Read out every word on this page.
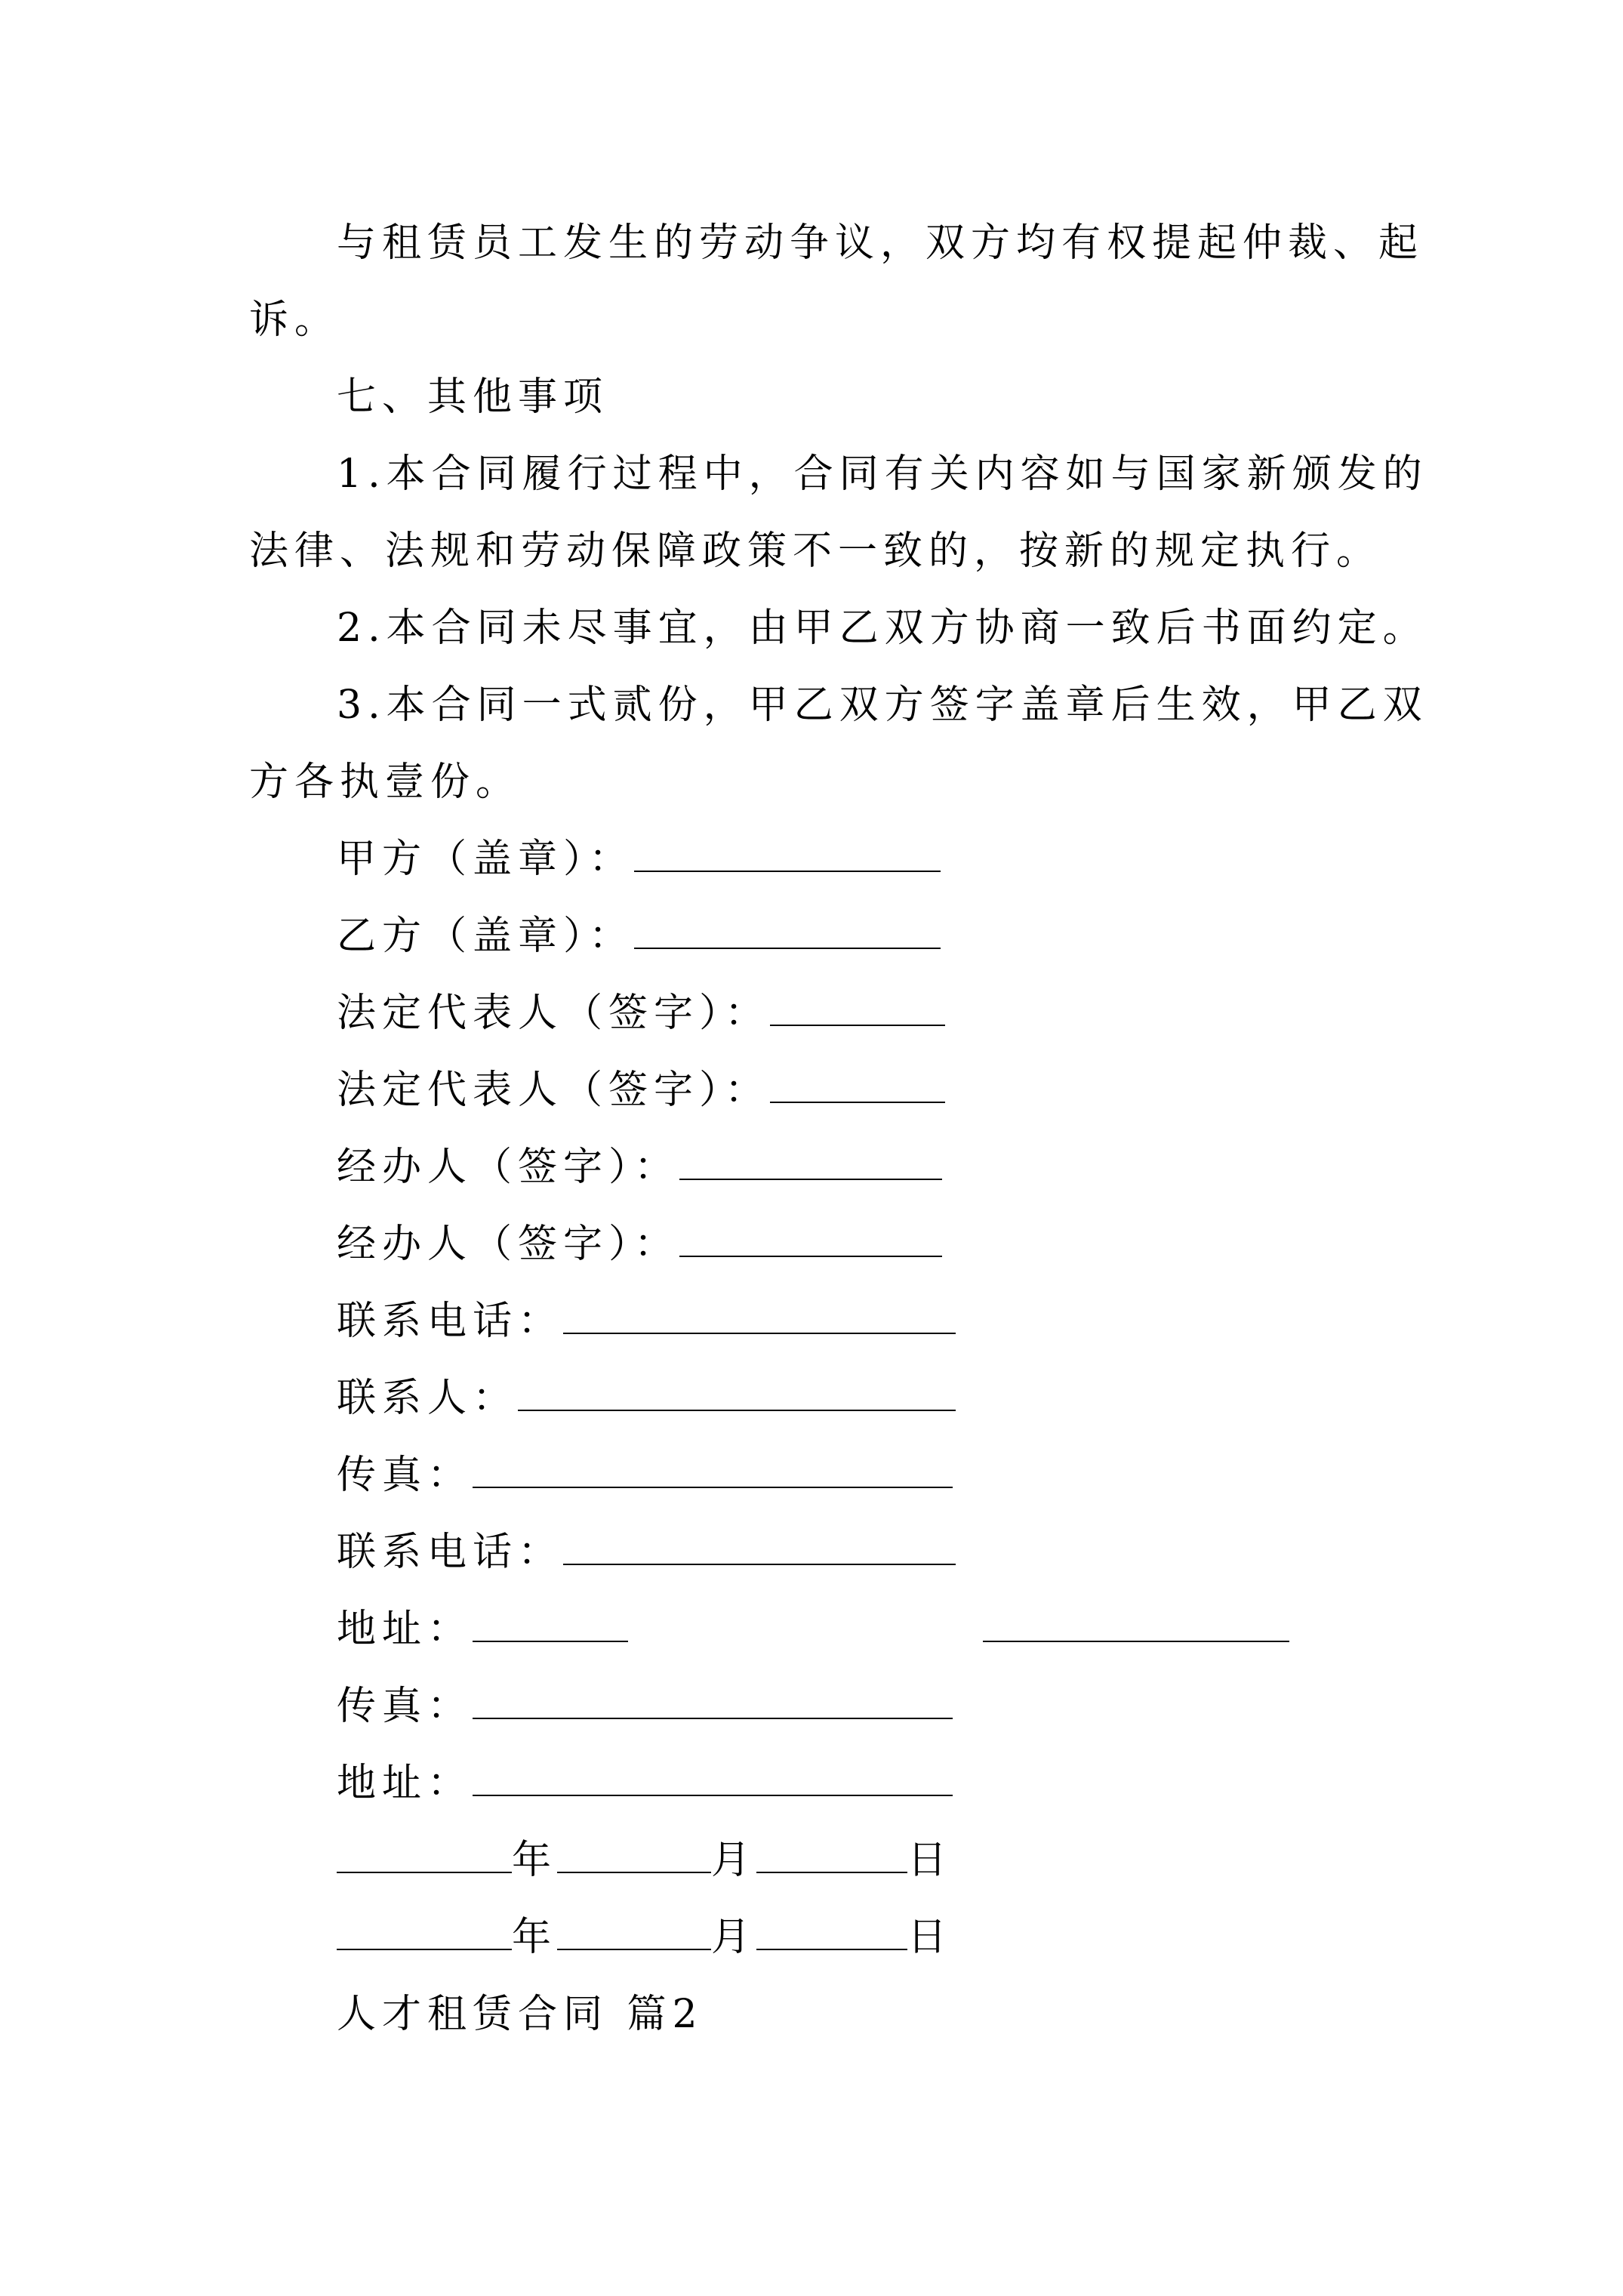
与租赁员工发生的劳动争议，双方均有权提起仲裁、起
诉。
七、其他事项
1.本合同履行过程中，合同有关内容如与国家新颁发的
法律、法规和劳动保障政策不一致的，按新的规定执行。
2.本合同未尽事宜，由甲乙双方协商一致后书面约定。
3.本合同一式贰份，甲乙双方签字盖章后生效，甲乙双
方各执壹份。
甲方（盖章）：
乙方（盖章）：
法定代表人（签字）：
法定代表人（签字）：
经办人（签字）：
经办人（签字）：
联系电话：
联系人：
传真：
联系电话：
地址：
传真：
地址：
年	月	日
年	月	日
人才租赁合同 篇2
